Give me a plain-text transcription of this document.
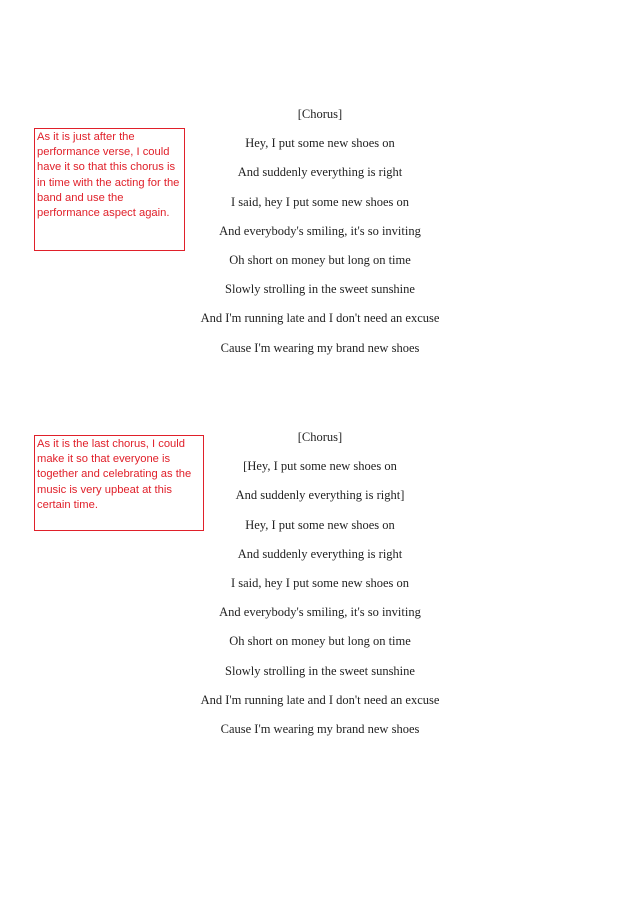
As it is just after the performance verse, I could have it so that this chorus is in time with the acting for the band and use the performance aspect again.
[Chorus]
Hey, I put some new shoes on
And suddenly everything is right
I said, hey I put some new shoes on
And everybody's smiling, it's so inviting
Oh short on money but long on time
Slowly strolling in the sweet sunshine
And I'm running late and I don't need an excuse
Cause I'm wearing my brand new shoes
As it is the last chorus, I could make it so that everyone is together and celebrating as the music is very upbeat at this certain time.
[Chorus]
[Hey, I put some new shoes on
And suddenly everything is right]
Hey, I put some new shoes on
And suddenly everything is right
I said, hey I put some new shoes on
And everybody's smiling, it's so inviting
Oh short on money but long on time
Slowly strolling in the sweet sunshine
And I'm running late and I don't need an excuse
Cause I'm wearing my brand new shoes
